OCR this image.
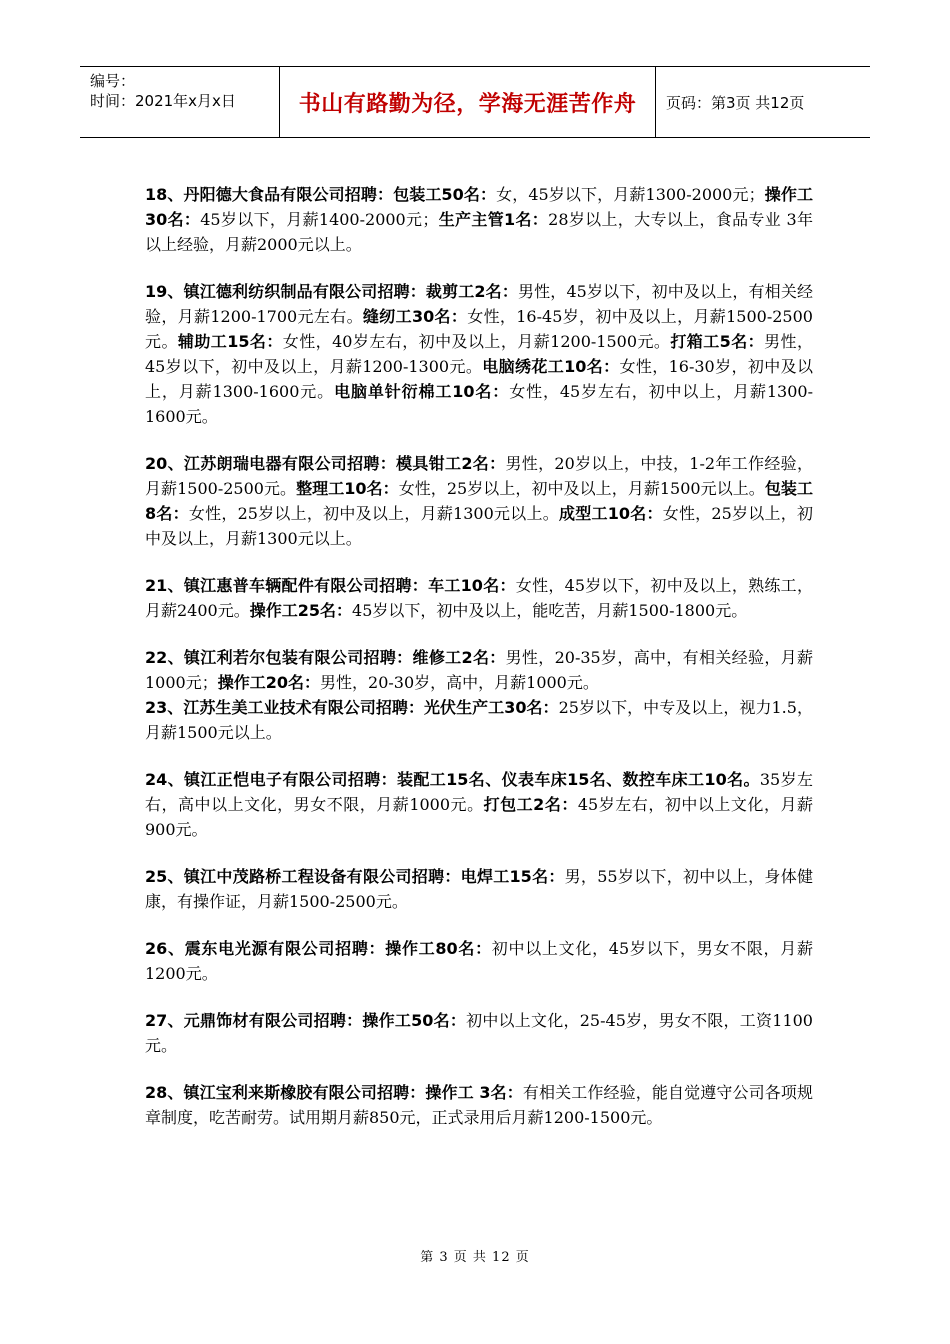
编号：
时间：2021年x月x日	书山有路勤为径，学海无涯苦作舟	页码：第3页 共12页

18、丹阳德大食品有限公司招聘：包装工50名：女，45岁以下，月薪1300-2000元；操作工30名：45岁以下，月薪1400-2000元；生产主管1名：28岁以上，大专以上，食品专业 3年以上经验，月薪2000元以上。

19、镇江德利纺织制品有限公司招聘：裁剪工2名：男性，45岁以下，初中及以上，有相关经验，月薪1200-1700元左右。缝纫工30名：女性，16-45岁，初中及以上，月薪1500-2500元。辅助工15名：女性，40岁左右，初中及以上，月薪1200-1500元。打箱工5名：男性，45岁以下，初中及以上，月薪1200-1300元。电脑绣花工10名：女性，16-30岁，初中及以上，月薪1300-1600元。电脑单针衍棉工10名：女性，45岁左右，初中以上，月薪1300-1600元。

20、江苏朗瑞电器有限公司招聘：模具钳工2名：男性，20岁以上，中技，1-2年工作经验，月薪1500-2500元。整理工10名：女性，25岁以上，初中及以上，月薪1500元以上。包装工8名：女性，25岁以上，初中及以上，月薪1300元以上。成型工10名：女性，25岁以上，初中及以上，月薪1300元以上。

21、镇江惠普车辆配件有限公司招聘：车工10名：女性，45岁以下，初中及以上，熟练工，月薪2400元。操作工25名：45岁以下，初中及以上，能吃苦，月薪1500-1800元。

22、镇江利若尔包装有限公司招聘：维修工2名：男性，20-35岁，高中，有相关经验，月薪1000元；操作工20名：男性，20-30岁，高中，月薪1000元。

23、江苏生美工业技术有限公司招聘：光伏生产工30名：25岁以下，中专及以上，视力1.5，月薪1500元以上。

24、镇江正恺电子有限公司招聘：装配工15名、仪表车床15名、数控车床工10名。35岁左右，高中以上文化，男女不限，月薪1000元。打包工2名：45岁左右，初中以上文化，月薪900元。

25、镇江中茂路桥工程设备有限公司招聘：电焊工15名：男，55岁以下，初中以上，身体健康，有操作证，月薪1500-2500元。

26、震东电光源有限公司招聘：操作工80名：初中以上文化，45岁以下，男女不限，月薪1200元。

27、元鼎饰材有限公司招聘：操作工50名：初中以上文化，25-45岁，男女不限，工资1100元。

28、镇江宝利来斯橡胶有限公司招聘：操作工 3名：有相关工作经验，能自觉遵守公司各项规章制度，吃苦耐劳。试用期月薪850元，正式录用后月薪1200-1500元。

第 3 页 共 12 页
